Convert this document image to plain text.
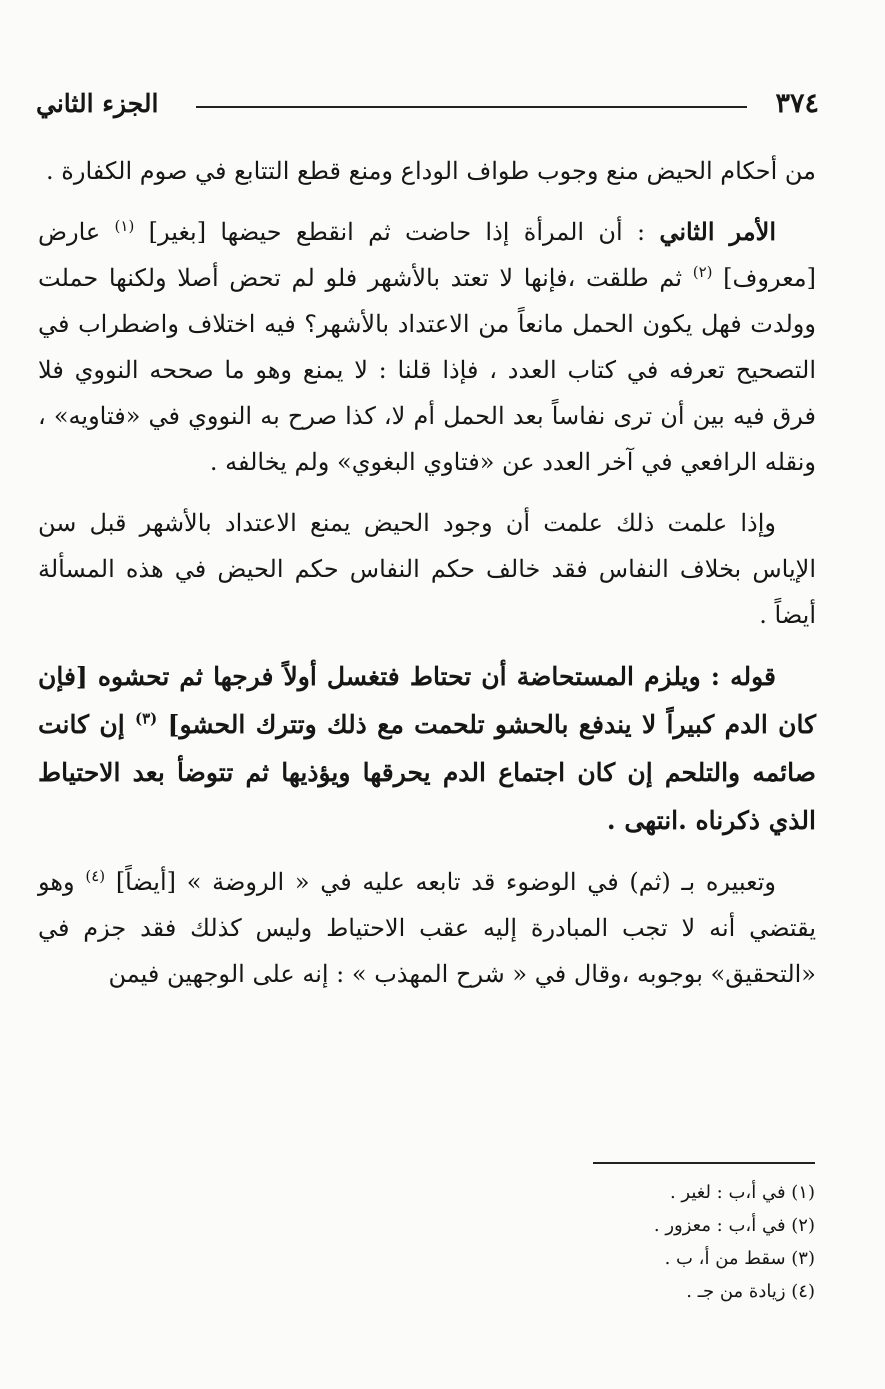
٣٧٤
الجزء الثاني

من أحكام الحيض منع وجوب طواف الوداع ومنع قطع التتابع في صوم الكفارة .

الأمر الثاني : أن المرأة إذا حاضت ثم انقطع حيضها [بغير] $^{(١)}$ عارض [معروف] $^{(٢)}$ ثم طلقت ،فإنها لا تعتد بالأشهر فلو لم تحض أصلا ولكنها حملت وولدت فهل يكون الحمل مانعاً من الاعتداد بالأشهر؟ فيه اختلاف واضطراب في التصحيح تعرفه في كتاب العدد ، فإذا قلنا : لا يمنع وهو ما صححه النووي فلا فرق فيه بين أن ترى نفاساً بعد الحمل أم لا، كذا صرح به النووي في «فتاويه» ، ونقله الرافعي في آخر العدد عن «فتاوي البغوي» ولم يخالفه .

وإذا علمت ذلك علمت أن وجود الحيض يمنع الاعتداد بالأشهر قبل سن الإياس بخلاف النفاس فقد خالف حكم النفاس حكم الحيض في هذه المسألة أيضاً .

قوله : ويلزم المستحاضة أن تحتاط فتغسل أولاً فرجها ثم تحشوه [فإن كان الدم كبيراً لا يندفع بالحشو تلحمت مع ذلك وتترك الحشو] $^{(٣)}$ إن كانت صائمه والتلحم إن كان اجتماع الدم يحرقها ويؤذيها ثم تتوضأ بعد الاحتياط الذي ذكرناه .انتهى .

وتعبيره بـ (ثم) في الوضوء قد تابعه عليه في « الروضة » [أيضاً] $^{(٤)}$ وهو يقتضي أنه لا تجب المبادرة إليه عقب الاحتياط وليس كذلك فقد جزم في «التحقيق» بوجوبه ،وقال في « شرح المهذب » : إنه على الوجهين فيمن

(١) في أ،ب : لغير .

(٢) في أ،ب : معزور .

(٣) سقط من أ، ب .

(٤) زيادة من جـ .
